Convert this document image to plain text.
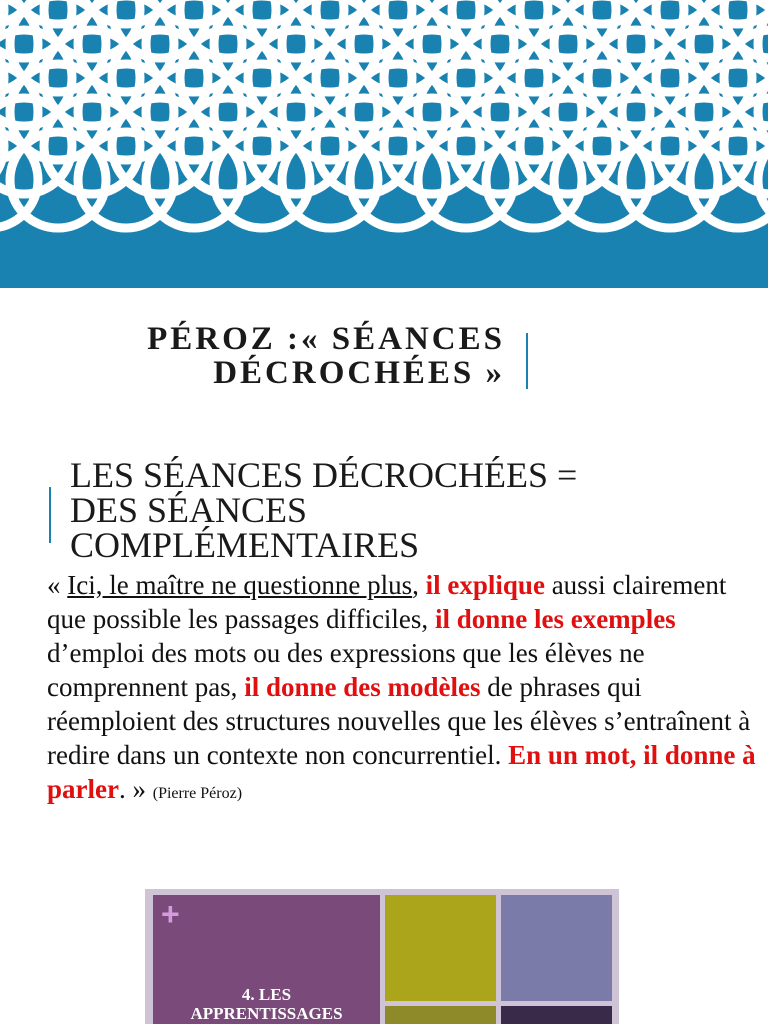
PÉROZ :« SÉANCES
DÉCROCHÉES »
LES SÉANCES DÉCROCHÉES =
DES SÉANCES
COMPLÉMENTAIRES
« Ici, le maître ne questionne plus, il explique aussi clairement que possible les passages difficiles, il donne les exemples d’emploi des mots ou des expressions que les élèves ne comprennent pas, il donne des modèles de phrases qui réemploient des structures nouvelles que les élèves s’entraînent à redire dans un contexte non concurrentiel. En un mot, il donne à parler. » (Pierre Péroz)
+
4. LES
APPRENTISSAGES
